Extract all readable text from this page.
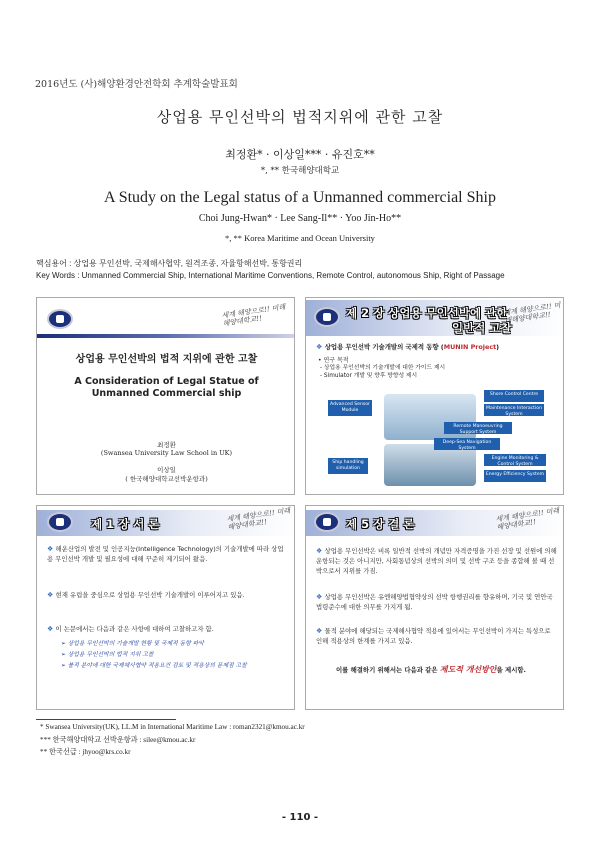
2016년도 (사)해양환경안전학회 추계학술발표회
상업용 무인선박의 법적지위에 관한 고찰
최정환* · 이상일*** · 유진호**
*, ** 한국해양대학교
A Study on the Legal status of a Unmanned commercial Ship
Choi Jung-Hwan* · Lee Sang-Il** · Yoo Jin-Ho**
*, ** Korea Maritime and Ocean University
핵심용어 : 상업용 무인선박, 국제해사협약, 원격조종, 자율항해선박, 통항권리
Key Words : Unmanned Commercial Ship, International Maritime Conventions, Remote Control, autonomous Ship, Right of Passage
세계 해양으로!! 미래해양대학교!!
상업용 무인선박의 법적 지위에 관한 고찰
A Consideration of Legal Statue of
Unmanned Commercial ship
최정환
(Swansea University Law School in UK)
이상일
( 한국해양대학교선박운항과)
제 2 장 상업용 무인선박에 관한
일반적 고찰
세계 해양으로!! 미래해양대학교!!
❖ 상업용 무인선박 기술개발의 국제적 동향 (MUNIN Project)
• 연구 목적
- 상업용 무인선박의 기술개발에 대한 가이드 제시
- Simulator 개발 및 향후 방향성 제시
Advanced Sensor Module
Shore Control Centre
Maintenance Interaction System
Remote Manoeuvring Support System
Deep-Sea Navigation System
Ship handling simulation
Engine Monitoring & Control System
Energy Efficiency System
제 1 장 서 론
세계 해양으로!! 미래해양대학교!!
❖ 해운산업의 발전 및 인공지능(Intelligence Technology)의 기술개발에 따라 상업용 무인선박 개발 및 필요성에 대해 꾸준히 제기되어 왔음.
❖ 현재 유럽을 중심으로 상업용 무인선박 기술개발이 이루어지고 있음.
❖ 이 논문에서는 다음과 같은 사항에 대하여 고찰하고자 함.
➢ 상업용 무인선박의 기술개발 현황 및 국제적 동향 파악
➢ 상업용 무인선박의 법적 지위 고찰
➢ 불적 분야에 대한 국제해사협약 적용요건 검토 및 적용상의 문제점 고찰
제 5 장 결 론
세계 해양으로!! 미래해양대학교!!
❖ 상업용 무인선박은 비록 일반적 선박의 개념만 자격증명을 가진 선장 및 선원에 의해 운항되는 것은 아니지만, 사회통념상의 선박의 의미 및 선박 구조 등을 종합해 볼 때 선박으로서 지위를 가짐.
❖ 상업용 무인선박은 유엔해양법협약상의 선박 항행권리를 향유하며, 기국 및 연안국 법령준수에 대한 의무를 가지게 됨.
❖ 물적 분야에 해당되는 국제해사협약 적용에 있어서는 무인선박이 가지는 특성으로 인해 적용상의 한계를 가지고 있음.
이를 해결하기 위해서는 다음과 같은 제도적 개선방안을 제시함.
* Swansea University(UK), LL.M in International Maritime Law : roman2321@kmou.ac.kr
*** 한국해양대학교 선박운항과 : silee@kmou.ac.kr
** 한국선급 : jhyoo@krs.co.kr
- 110 -
